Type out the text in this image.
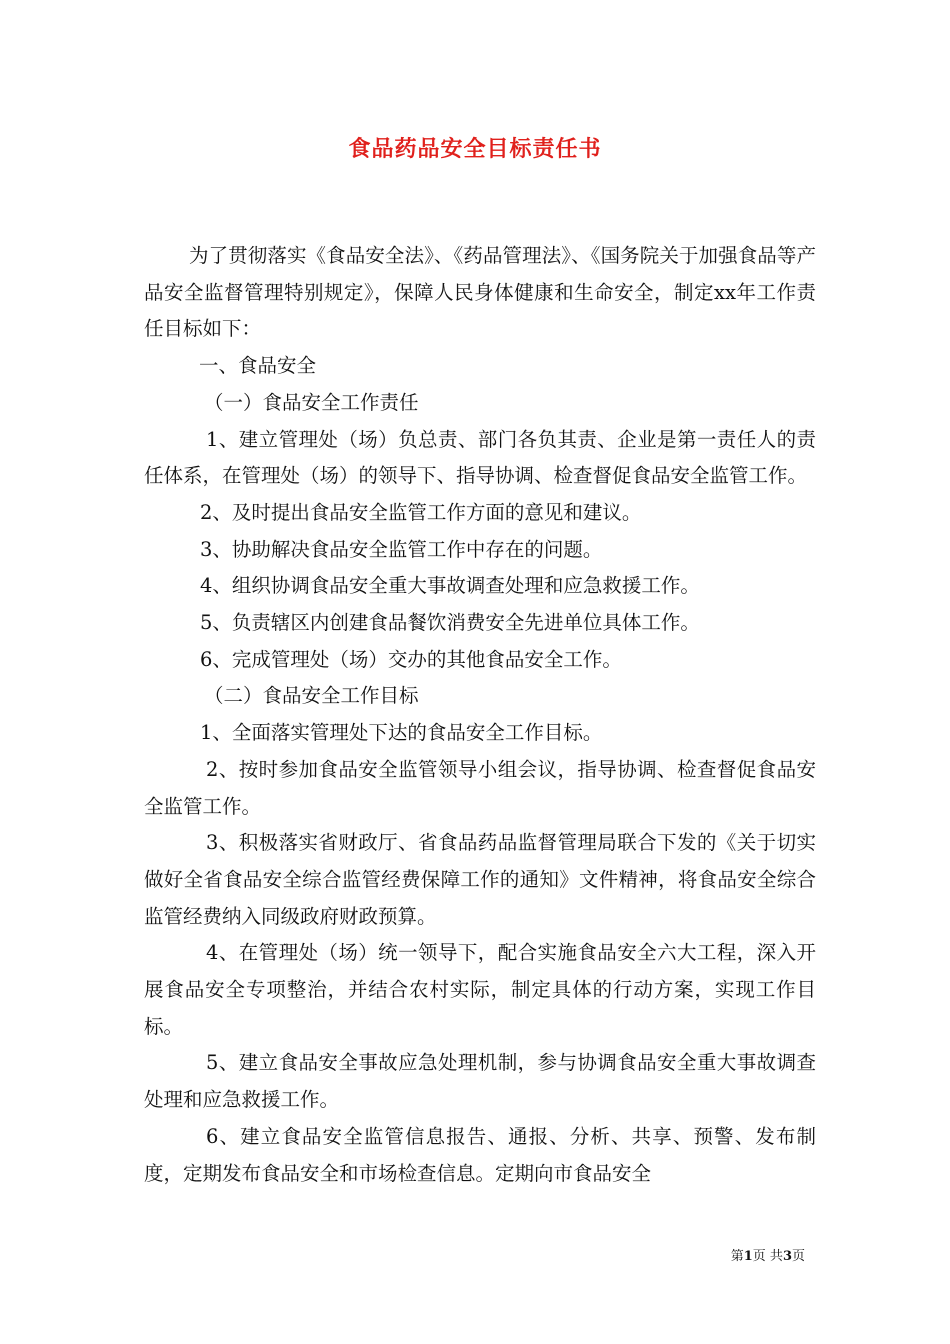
食品药品安全目标责任书

为了贯彻落实《食品安全法》、《药品管理法》、《国务院关于加强食品等产品安全监督管理特别规定》，保障人民身体健康和生命安全，制定xx年工作责任目标如下：

一、食品安全

（一）食品安全工作责任

1、建立管理处（场）负总责、部门各负其责、企业是第一责任人的责任体系，在管理处（场）的领导下、指导协调、检查督促食品安全监管工作。

2、及时提出食品安全监管工作方面的意见和建议。

3、协助解决食品安全监管工作中存在的问题。

4、组织协调食品安全重大事故调查处理和应急救援工作。

5、负责辖区内创建食品餐饮消费安全先进单位具体工作。

6、完成管理处（场）交办的其他食品安全工作。

（二）食品安全工作目标

1、全面落实管理处下达的食品安全工作目标。

2、按时参加食品安全监管领导小组会议，指导协调、检查督促食品安全监管工作。

3、积极落实省财政厅、省食品药品监督管理局联合下发的《关于切实做好全省食品安全综合监管经费保障工作的通知》文件精神，将食品安全综合监管经费纳入同级政府财政预算。

4、在管理处（场）统一领导下，配合实施食品安全六大工程，深入开展食品安全专项整治，并结合农村实际，制定具体的行动方案，实现工作目标。

5、建立食品安全事故应急处理机制，参与协调食品安全重大事故调查处理和应急救援工作。

6、建立食品安全监管信息报告、通报、分析、共享、预警、发布制度，定期发布食品安全和市场检查信息。定期向市食品安全

第1页 共3页
